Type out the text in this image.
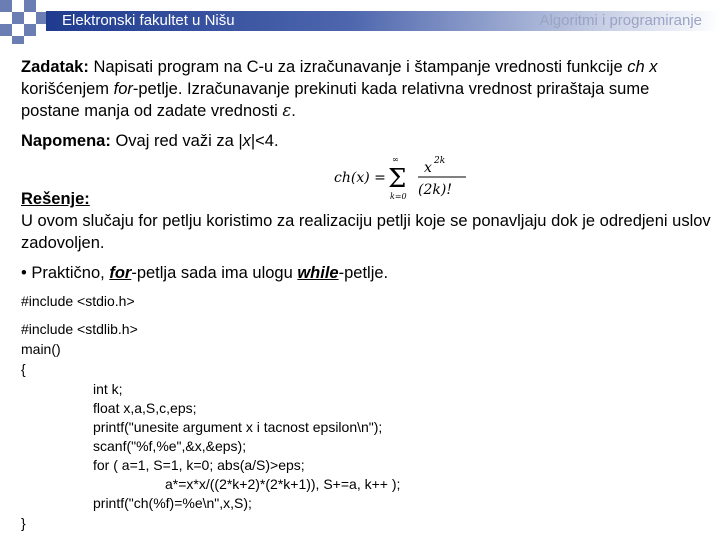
Elektronski fakultet u Nišu	Algoritmi i programiranje

Zadatak: Napisati program na C-u za izračunavanje i štampanje vrednosti funkcije ch x korišćenjem for-petlje. Izračunavanje prekinuti kada relativna vrednost priraštaja sume postane manja od zadate vrednosti ε.

Napomena: Ovaj red važi za |x|<4.

ch(x) = Σ
∞
k=0
x 2k
(2k)!

Rešenje:
U ovom slučaju for petlju koristimo za realizaciju petlji koje se ponavljaju dok je odredjeni uslov zadovoljen.

• Praktično, for-petlja sada ima ulogu while-petlje.

#include <stdio.h>
#include <stdlib.h>
main()
{
int k;
float x,a,S,c,eps;
printf("unesite argument x i tacnost epsilon\n");
scanf("%f,%e",&x,&eps);
for ( a=1, S=1, k=0; abs(a/S)>eps;
a*=x*x/((2*k+2)*(2*k+1)), S+=a, k++ );
printf("ch(%f)=%e\n",x,S);
}
